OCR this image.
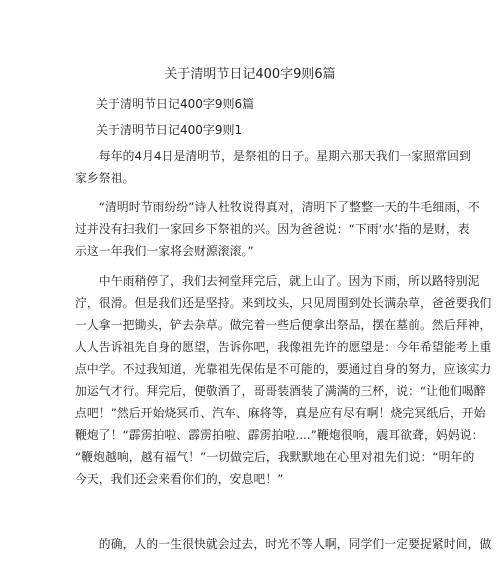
关于清明节日记400字9则6篇
关于清明节日记400字9则6篇
关于清明节日记400字9则1

　　每年的4月4日是清明节，是祭祖的日子。星期六那天我们一家照常回到
家乡祭祖。

　　“清明时节雨纷纷”诗人杜牧说得真对，清明下了整整一天的牛毛细雨，不
过并没有扫我们一家回乡下祭祖的兴。因为爸爸说：“下雨‘水’指的是财，表
示这一年我们一家将会财源滚滚。”

　　中午雨稍停了，我们去祠堂拜完后，就上山了。因为下雨，所以路特别泥
泞，很滑。但是我们还是坚持。来到坟头，只见周围到处长满杂草，爸爸要我们
一人拿一把锄头，铲去杂草。做完着一些后便拿出祭品，摆在墓前。然后拜神，
人人告诉祖先自身的愿望，告诉你吧，我像祖先许的愿望是：今年希望能考上重
点中学。不过我知道，光靠祖先保佑是不可能的，要通过自身的努力，应该实力
加运气才行。拜完后，便敬酒了，哥哥装酒装了满满的三杯，说：“让他们喝醉
点吧！”然后开始烧冥币、汽车、麻将等，真是应有尽有啊！烧完冥纸后，开始
鞭炮了！“霹雳拍啦、霹雳拍啦、霹雳拍啦....”鞭炮很响，震耳欲聋，妈妈说：
“鞭炮越响，越有福气！”一切做完后，我默默地在心里对祖先们说：“明年的
今天，我们还会来看你们的，安息吧！”

　　的确，人的一生很快就会过去，时光不等人啊，同学们一定要捉紧时间，做
